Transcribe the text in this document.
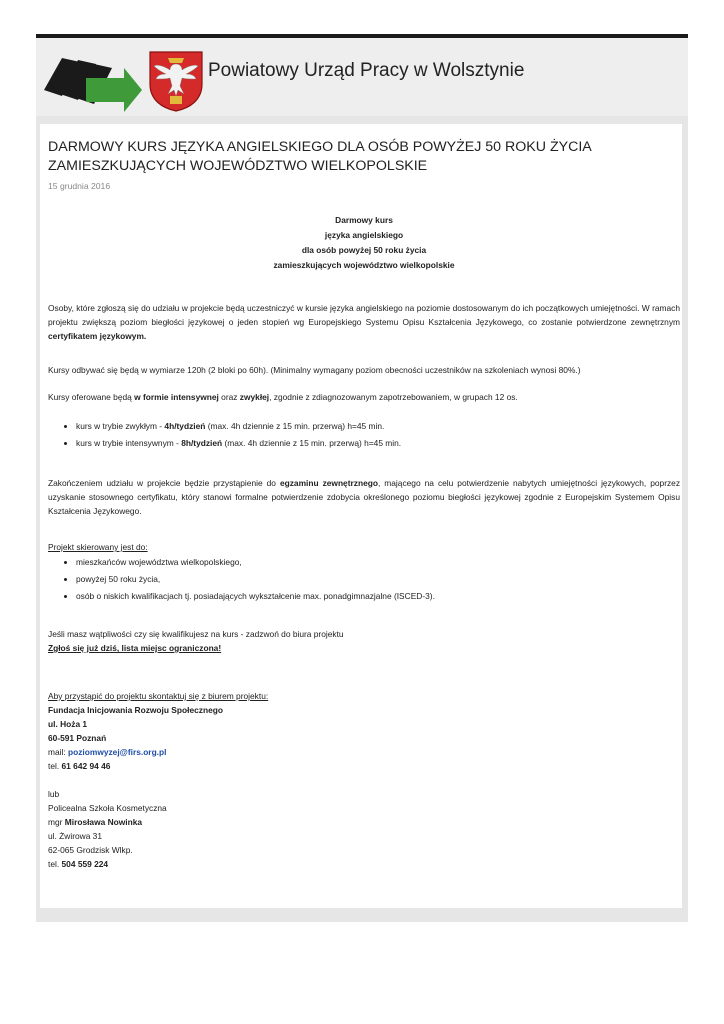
Powiatowy Urząd Pracy w Wolsztynie
DARMOWY KURS JĘZYKA ANGIELSKIEGO DLA OSÓB POWYŻEJ 50 ROKU ŻYCIA ZAMIESZKUJĄCYCH WOJEWÓDZTWO WIELKOPOLSKIE
15 grudnia 2016
Darmowy kurs
języka angielskiego
dla osób powyżej 50 roku życia
zamieszkujących województwo wielkopolskie

Osoby, które zgłoszą się do udziału w projekcie będą uczestniczyć w kursie języka angielskiego na poziomie dostosowanym do ich początkowych umiejętności. W ramach projektu zwiększą poziom biegłości językowej o jeden stopień wg Europejskiego Systemu Opisu Kształcenia Językowego, co zostanie potwierdzone zewnętrznym certyfikatem językowym.

Kursy odbywać się będą w wymiarze 120h (2 bloki po 60h). (Minimalny wymagany poziom obecności uczestników na szkoleniach wynosi 80%.)

Kursy oferowane będą w formie intensywnej oraz zwykłej, zgodnie z zdiagnozowanym zapotrzebowaniem, w grupach 12 os.

• kurs w trybie zwykłym - 4h/tydzień (max. 4h dziennie z 15 min. przerwą) h=45 min.
• kurs w trybie intensywnym - 8h/tydzień (max. 4h dziennie z 15 min. przerwą) h=45 min.

Zakończeniem udziału w projekcie będzie przystąpienie do egzaminu zewnętrznego, mającego na celu potwierdzenie nabytych umiejętności językowych, poprzez uzyskanie stosownego certyfikatu, który stanowi formalne potwierdzenie zdobycia określonego poziomu biegłości językowej zgodnie z Europejskim Systemem Opisu Kształcenia Językowego.

Projekt skierowany jest do:

• mieszkańców województwa wielkopolskiego,
• powyżej 50 roku życia,
• osób o niskich kwalifikacjach tj. posiadających wykształcenie max. ponadgimnazjalne (ISCED-3).

Jeśli masz wątpliwości czy się kwalifikujesz na kurs - zadzwoń do biura projektu

Zgłoś się już dziś, lista miejsc ograniczona!

Aby przystąpić do projektu skontaktuj się z biurem projektu:

Fundacja Inicjowania Rozwoju Społecznego
ul. Hoża 1
60-591 Poznań
mail: poziomwyzej@firs.org.pl
tel. 61 642 94 46

lub

Policealna Szkoła Kosmetyczna
mgr Mirosława Nowinka
ul. Żwirowa 31
62-065 Grodzisk Wlkp.
tel. 504 559 224
